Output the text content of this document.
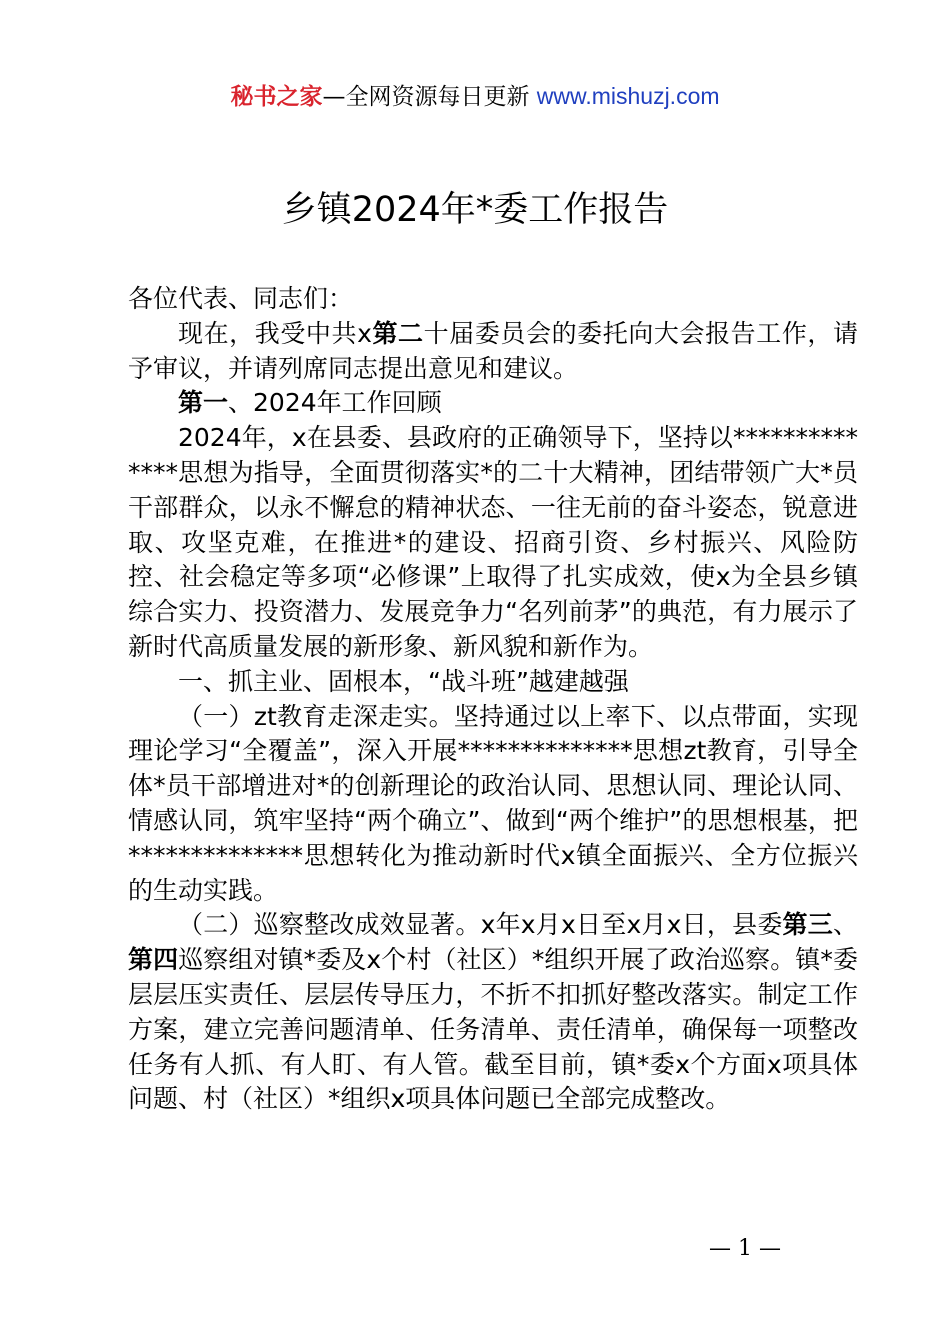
秘书之家—全网资源每日更新 www.mishuzj.com
乡镇2024年*委工作报告

各位代表、同志们：

现在，我受中共x第二十届委员会的委托向大会报告工作，请予审议，并请列席同志提出意见和建议。

第一、2024年工作回顾

2024年，x在县委、县政府的正确领导下，坚持以**************思想为指导，全面贯彻落实*的二十大精神，团结带领广大*员干部群众，以永不懈怠的精神状态、一往无前的奋斗姿态，锐意进取、攻坚克难，在推进*的建设、招商引资、乡村振兴、风险防控、社会稳定等多项“必修课”上取得了扎实成效，使x为全县乡镇综合实力、投资潜力、发展竞争力“名列前茅”的典范，有力展示了新时代高质量发展的新形象、新风貌和新作为。

一、抓主业、固根本，“战斗班”越建越强

（一）zt教育走深走实。坚持通过以上率下、以点带面，实现理论学习“全覆盖”，深入开展**************思想zt教育，引导全体*员干部增进对*的创新理论的政治认同、思想认同、理论认同、情感认同，筑牢坚持“两个确立”、做到“两个维护”的思想根基，把**************思想转化为推动新时代x镇全面振兴、全方位振兴的生动实践。

（二）巡察整改成效显著。x年x月x日至x月x日，县委第三、第四巡察组对镇*委及x个村（社区）*组织开展了政治巡察。镇*委层层压实责任、层层传导压力，不折不扣抓好整改落实。制定工作方案，建立完善问题清单、任务清单、责任清单，确保每一项整改任务有人抓、有人盯、有人管。截至目前，镇*委x个方面x项具体问题、村（社区）*组织x项具体问题已全部完成整改。

— 1 —
